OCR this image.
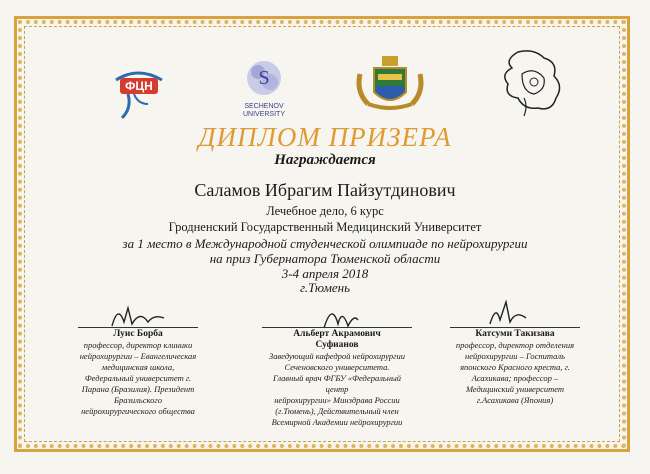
ФЦН	S
SECHENOV
UNIVERSITY
ДИПЛОМ ПРИЗЕРА
Награждается
Саламов Ибрагим Пайзутдинович
Лечебное дело, 6 курс
Гродненский Государственный Медицинский Университет
за 1 место в Международной студенческой олимпиаде по нейрохирургии
на приз Губернатора Тюменской области
3-4 апреля 2018
г.Тюмень
Луис Борба
профессор, директор клиники
нейрохирургии – Евангелическая
медицинская школа,
Федеральный университет г.
Парана (Бразилия). Президент
Бразильского
нейрохирургического общества
Альберт Акрамович
Суфианов
Заведующий кафедрой нейрохирургии
Сеченовского университета.
Главный врач ФГБУ «Федеральный центр
нейрохирургии» Минздрава России
(г.Тюмень), Действительный член
Всемирной Академии нейрохирургии
Катсуми Такизава
профессор, директор отделения
нейрохирургии – Госпиталь
японского Красного креста, г.
Асахикава; профессор –
Медицинский университет
г.Асахикава (Япония)
